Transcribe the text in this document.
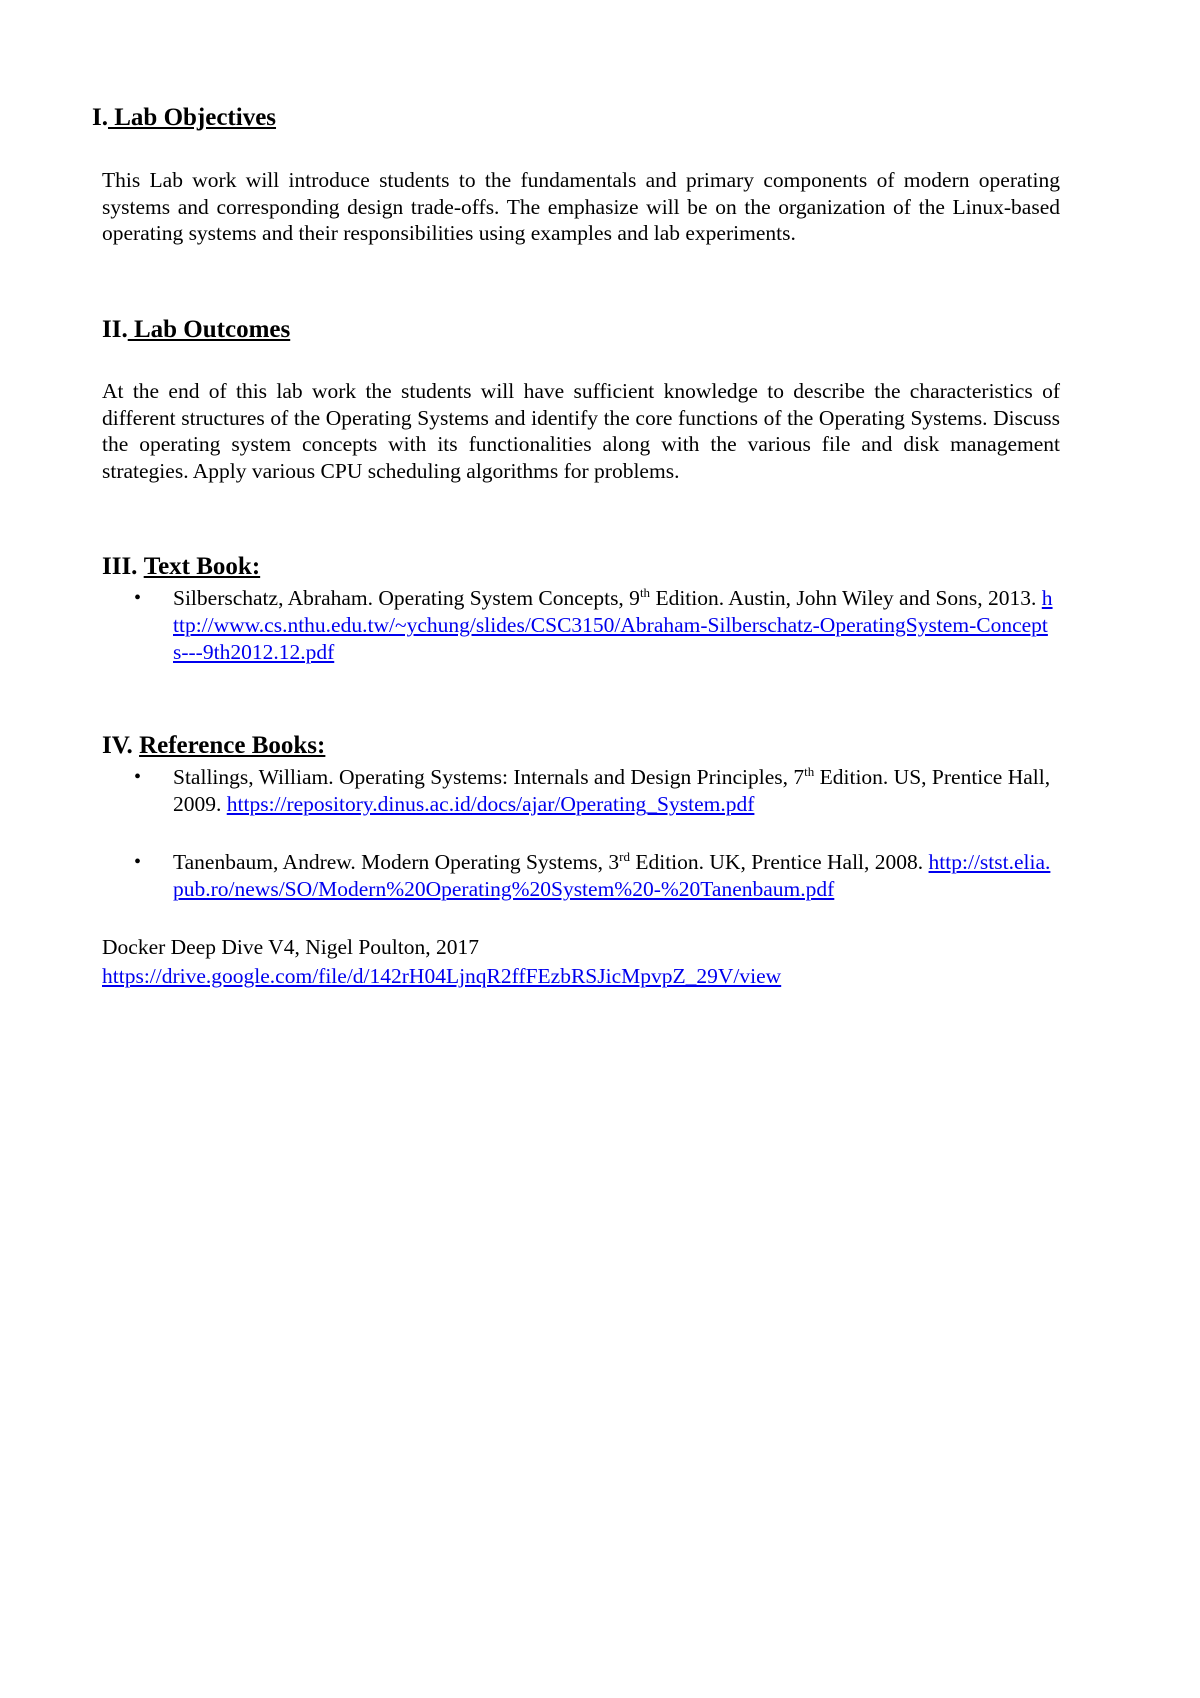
I. Lab Objectives
This Lab work will introduce students to the fundamentals and primary components of modern operating systems and corresponding design trade-offs. The emphasize will be on the organization of the Linux-based operating systems and their responsibilities using examples and lab experiments.
II. Lab Outcomes
At the end of this lab work the students will have sufficient knowledge to describe the characteristics of different structures of the Operating Systems and identify the core functions of the Operating Systems. Discuss the operating system concepts with its functionalities along with the various file and disk management strategies. Apply various CPU scheduling algorithms for problems.
III. Text Book:
• Silberschatz, Abraham. Operating System Concepts, 9th Edition. Austin, John Wiley and Sons, 2013. http://www.cs.nthu.edu.tw/~ychung/slides/CSC3150/Abraham-Silberschatz-OperatingSystem-Concepts---9th2012.12.pdf
IV. Reference Books:
• Stallings, William. Operating Systems: Internals and Design Principles, 7th Edition. US, Prentice Hall, 2009. https://repository.dinus.ac.id/docs/ajar/Operating_System.pdf
• Tanenbaum, Andrew. Modern Operating Systems, 3rd Edition. UK, Prentice Hall, 2008. http://stst.elia.pub.ro/news/SO/Modern%20Operating%20System%20-%20Tanenbaum.pdf
Docker Deep Dive V4, Nigel Poulton, 2017
https://drive.google.com/file/d/142rH04LjnqR2ffFEzbRSJicMpvpZ_29V/view
